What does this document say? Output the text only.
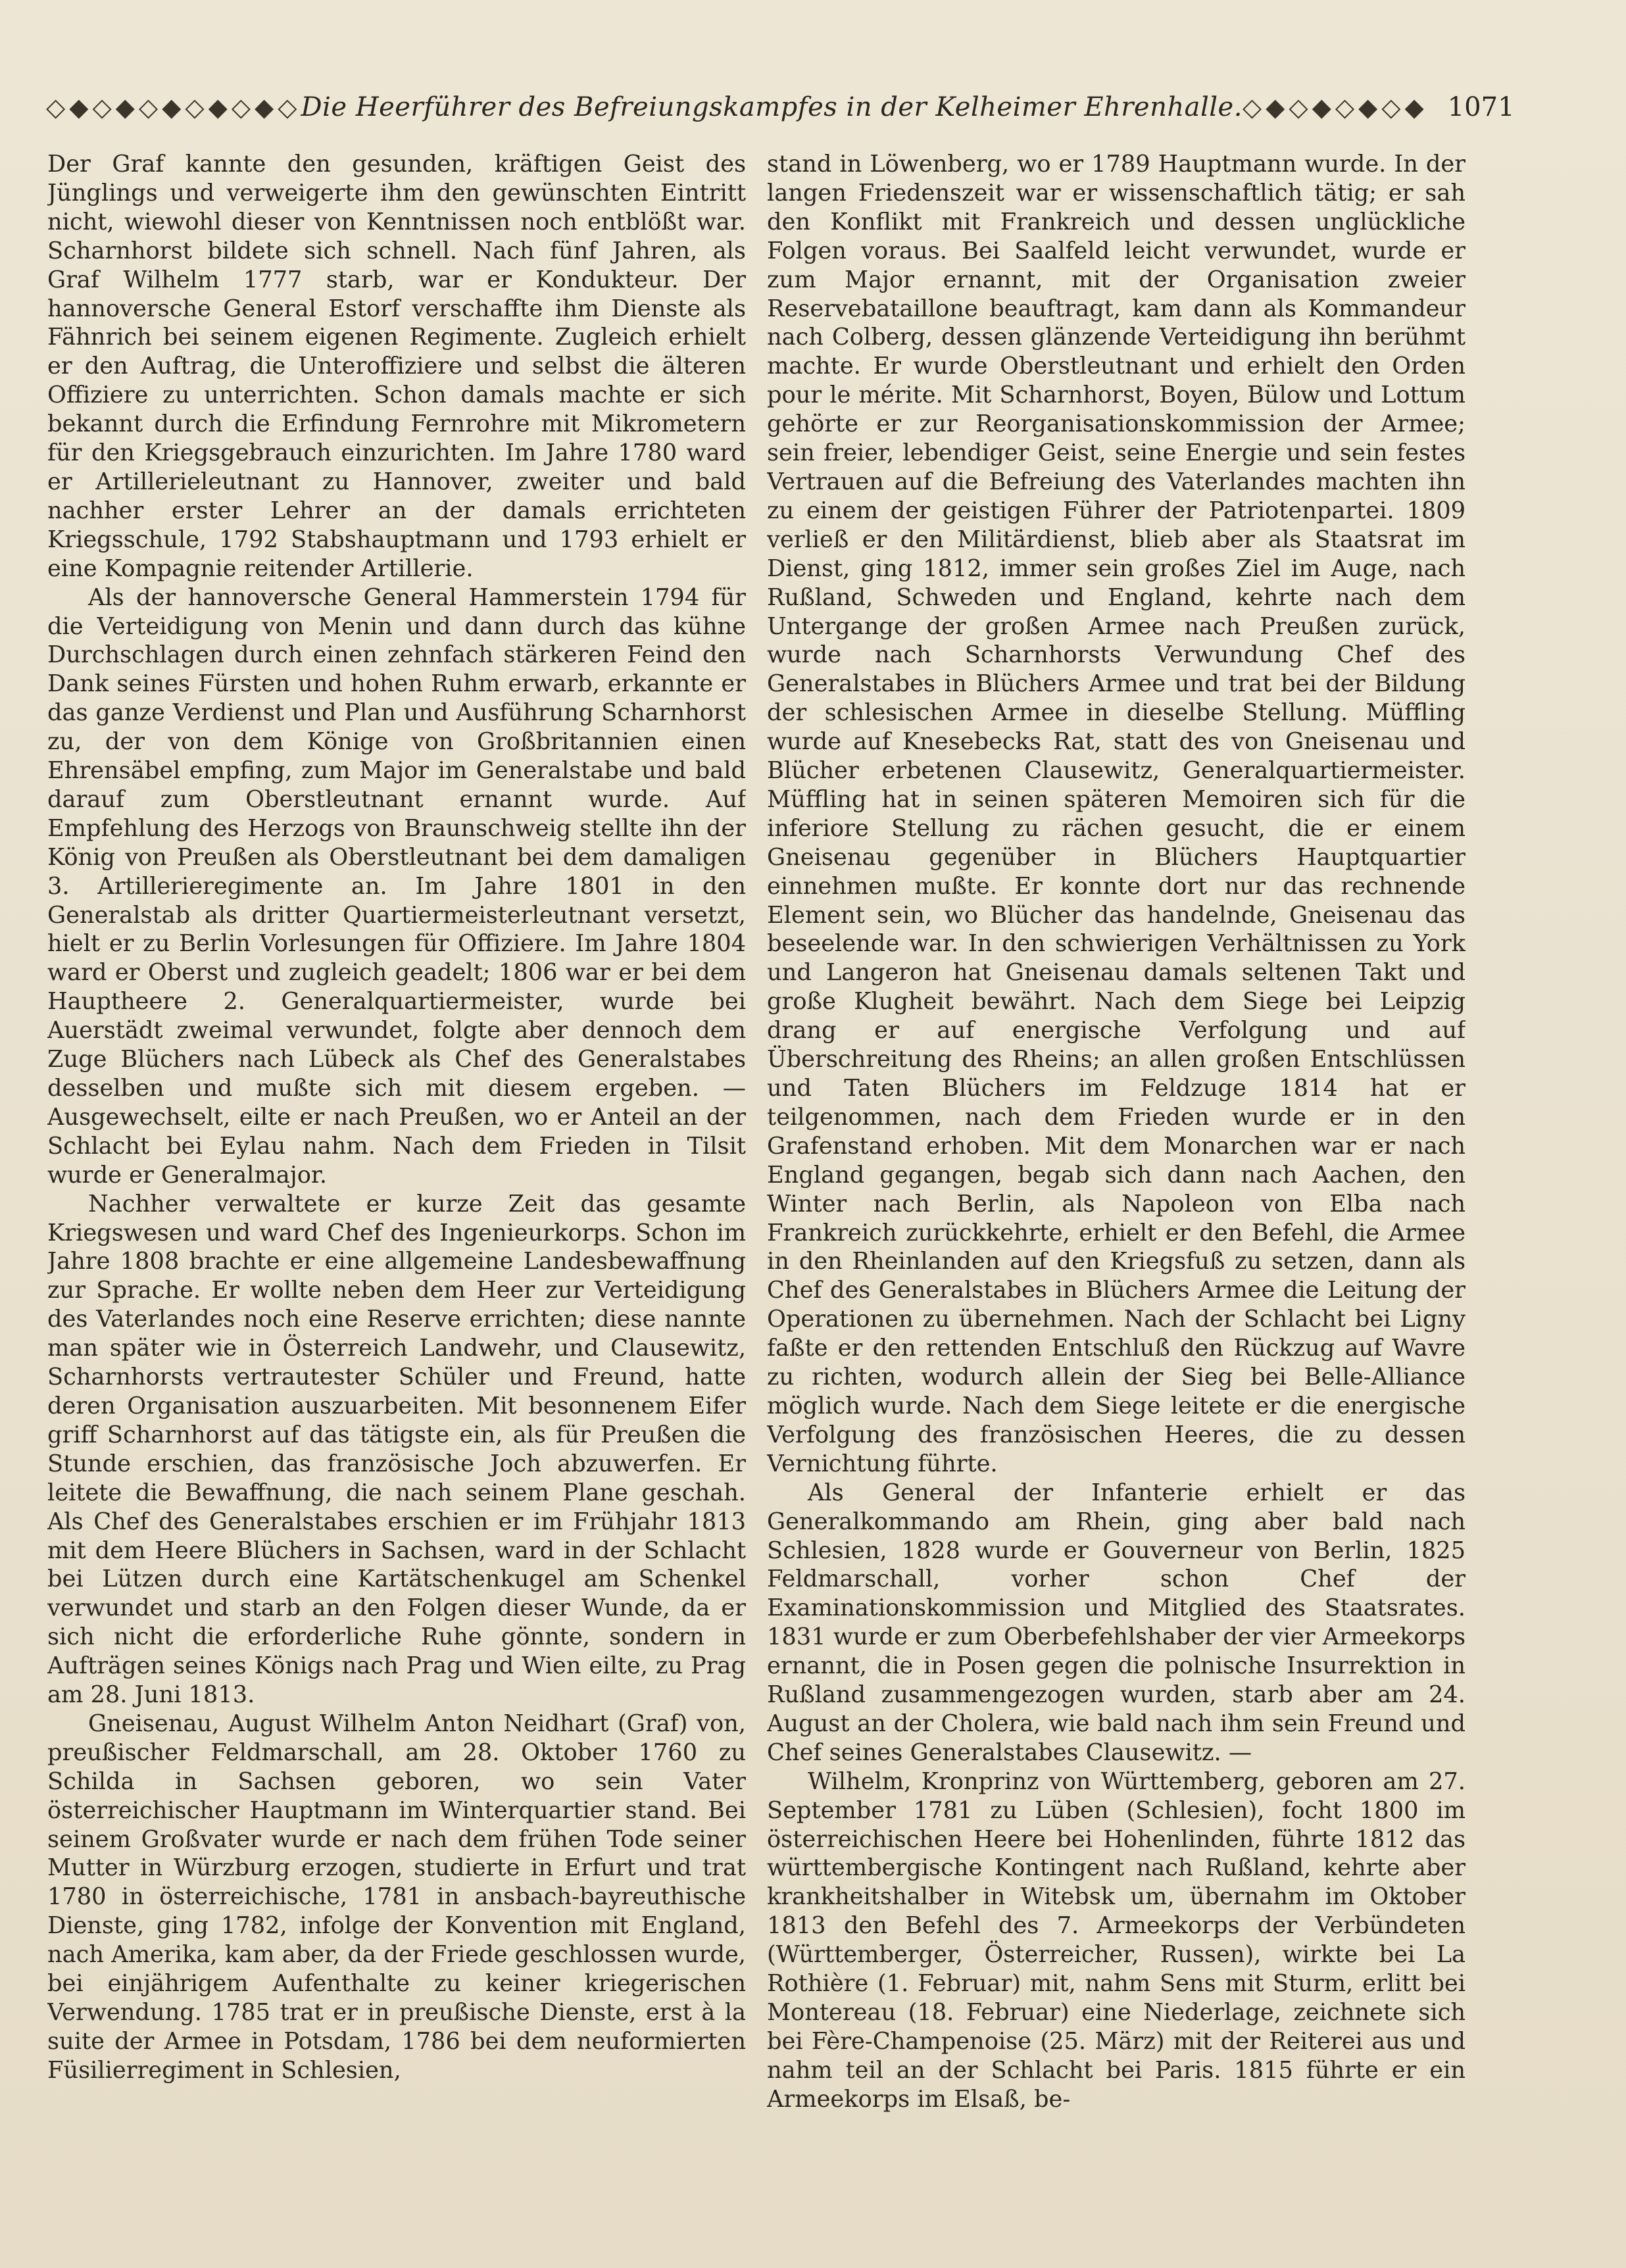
◇◆◇◆◇◆◇◆◇◆◇ Die Heerführer des Befreiungskampfes in der Kelheimer Ehrenhalle. ◇◆◇◆◇◆◇◆ 1071

Der Graf kannte den gesunden, kräftigen Geist des Jünglings und verweigerte ihm den gewünschten Eintritt nicht, wiewohl dieser von Kenntnissen noch entblößt war. Scharnhorst bildete sich schnell. Nach fünf Jahren, als Graf Wilhelm 1777 starb, war er Kondukteur. Der hannoversche General Estorf verschaffte ihm Dienste als Fähnrich bei seinem eigenen Regimente. Zugleich erhielt er den Auftrag, die Unteroffiziere und selbst die älteren Offiziere zu unterrichten. Schon damals machte er sich bekannt durch die Erfindung Fernrohre mit Mikrometern für den Kriegsgebrauch einzurichten. Im Jahre 1780 ward er Artillerieleutnant zu Hannover, zweiter und bald nachher erster Lehrer an der damals errichteten Kriegsschule, 1792 Stabshauptmann und 1793 erhielt er eine Kompagnie reitender Artillerie.

Als der hannoversche General Hammerstein 1794 für die Verteidigung von Menin und dann durch das kühne Durchschlagen durch einen zehnfach stärkeren Feind den Dank seines Fürsten und hohen Ruhm erwarb, erkannte er das ganze Verdienst und Plan und Ausführung Scharnhorst zu, der von dem Könige von Großbritannien einen Ehrensäbel empfing, zum Major im Generalstabe und bald darauf zum Oberstleutnant ernannt wurde. Auf Empfehlung des Herzogs von Braunschweig stellte ihn der König von Preußen als Oberstleutnant bei dem damaligen 3. Artillerieregimente an. Im Jahre 1801 in den Generalstab als dritter Quartiermeisterleutnant versetzt, hielt er zu Berlin Vorlesungen für Offiziere. Im Jahre 1804 ward er Oberst und zugleich geadelt; 1806 war er bei dem Hauptheere 2. Generalquartiermeister, wurde bei Auerstädt zweimal verwundet, folgte aber dennoch dem Zuge Blüchers nach Lübeck als Chef des Generalstabes desselben und mußte sich mit diesem ergeben. — Ausgewechselt, eilte er nach Preußen, wo er Anteil an der Schlacht bei Eylau nahm. Nach dem Frieden in Tilsit wurde er Generalmajor.

Nachher verwaltete er kurze Zeit das gesamte Kriegswesen und ward Chef des Ingenieurkorps. Schon im Jahre 1808 brachte er eine allgemeine Landesbewaffnung zur Sprache. Er wollte neben dem Heer zur Verteidigung des Vaterlandes noch eine Reserve errichten; diese nannte man später wie in Österreich Landwehr, und Clausewitz, Scharnhorsts vertrautester Schüler und Freund, hatte deren Organisation auszuarbeiten. Mit besonnenem Eifer griff Scharnhorst auf das tätigste ein, als für Preußen die Stunde erschien, das französische Joch abzuwerfen. Er leitete die Bewaffnung, die nach seinem Plane geschah. Als Chef des Generalstabes erschien er im Frühjahr 1813 mit dem Heere Blüchers in Sachsen, ward in der Schlacht bei Lützen durch eine Kartätschenkugel am Schenkel verwundet und starb an den Folgen dieser Wunde, da er sich nicht die erforderliche Ruhe gönnte, sondern in Aufträgen seines Königs nach Prag und Wien eilte, zu Prag am 28. Juni 1813.

Gneisenau, August Wilhelm Anton Neidhart (Graf) von, preußischer Feldmarschall, am 28. Oktober 1760 zu Schilda in Sachsen geboren, wo sein Vater österreichischer Hauptmann im Winterquartier stand. Bei seinem Großvater wurde er nach dem frühen Tode seiner Mutter in Würzburg erzogen, studierte in Erfurt und trat 1780 in österreichische, 1781 in ansbach-bayreuthische Dienste, ging 1782, infolge der Konvention mit England, nach Amerika, kam aber, da der Friede geschlossen wurde, bei einjährigem Aufenthalte zu keiner kriegerischen Verwendung. 1785 trat er in preußische Dienste, erst à la suite der Armee in Potsdam, 1786 bei dem neuformierten Füsilierregiment in Schlesien,

stand in Löwenberg, wo er 1789 Hauptmann wurde. In der langen Friedenszeit war er wissenschaftlich tätig; er sah den Konflikt mit Frankreich und dessen unglückliche Folgen voraus. Bei Saalfeld leicht verwundet, wurde er zum Major ernannt, mit der Organisation zweier Reservebataillone beauftragt, kam dann als Kommandeur nach Colberg, dessen glänzende Verteidigung ihn berühmt machte. Er wurde Oberstleutnant und erhielt den Orden pour le mérite. Mit Scharnhorst, Boyen, Bülow und Lottum gehörte er zur Reorganisationskommission der Armee; sein freier, lebendiger Geist, seine Energie und sein festes Vertrauen auf die Befreiung des Vaterlandes machten ihn zu einem der geistigen Führer der Patriotenpartei. 1809 verließ er den Militärdienst, blieb aber als Staatsrat im Dienst, ging 1812, immer sein großes Ziel im Auge, nach Rußland, Schweden und England, kehrte nach dem Untergange der großen Armee nach Preußen zurück, wurde nach Scharnhorsts Verwundung Chef des Generalstabes in Blüchers Armee und trat bei der Bildung der schlesischen Armee in dieselbe Stellung. Müffling wurde auf Knesebecks Rat, statt des von Gneisenau und Blücher erbetenen Clausewitz, Generalquartiermeister. Müffling hat in seinen späteren Memoiren sich für die inferiore Stellung zu rächen gesucht, die er einem Gneisenau gegenüber in Blüchers Hauptquartier einnehmen mußte. Er konnte dort nur das rechnende Element sein, wo Blücher das handelnde, Gneisenau das beseelende war. In den schwierigen Verhältnissen zu York und Langeron hat Gneisenau damals seltenen Takt und große Klugheit bewährt. Nach dem Siege bei Leipzig drang er auf energische Verfolgung und auf Überschreitung des Rheins; an allen großen Entschlüssen und Taten Blüchers im Feldzuge 1814 hat er teilgenommen, nach dem Frieden wurde er in den Grafenstand erhoben. Mit dem Monarchen war er nach England gegangen, begab sich dann nach Aachen, den Winter nach Berlin, als Napoleon von Elba nach Frankreich zurückkehrte, erhielt er den Befehl, die Armee in den Rheinlanden auf den Kriegsfuß zu setzen, dann als Chef des Generalstabes in Blüchers Armee die Leitung der Operationen zu übernehmen. Nach der Schlacht bei Ligny faßte er den rettenden Entschluß den Rückzug auf Wavre zu richten, wodurch allein der Sieg bei Belle-Alliance möglich wurde. Nach dem Siege leitete er die energische Verfolgung des französischen Heeres, die zu dessen Vernichtung führte.

Als General der Infanterie erhielt er das Generalkommando am Rhein, ging aber bald nach Schlesien, 1828 wurde er Gouverneur von Berlin, 1825 Feldmarschall, vorher schon Chef der Examinationskommission und Mitglied des Staatsrates. 1831 wurde er zum Oberbefehlshaber der vier Armeekorps ernannt, die in Posen gegen die polnische Insurrektion in Rußland zusammengezogen wurden, starb aber am 24. August an der Cholera, wie bald nach ihm sein Freund und Chef seines Generalstabes Clausewitz. —

Wilhelm, Kronprinz von Württemberg, geboren am 27. September 1781 zu Lüben (Schlesien), focht 1800 im österreichischen Heere bei Hohenlinden, führte 1812 das württembergische Kontingent nach Rußland, kehrte aber krankheitshalber in Witebsk um, übernahm im Oktober 1813 den Befehl des 7. Armeekorps der Verbündeten (Württemberger, Österreicher, Russen), wirkte bei La Rothière (1. Februar) mit, nahm Sens mit Sturm, erlitt bei Montereau (18. Februar) eine Niederlage, zeichnete sich bei Fère-Champenoise (25. März) mit der Reiterei aus und nahm teil an der Schlacht bei Paris. 1815 führte er ein Armeekorps im Elsaß, be-
